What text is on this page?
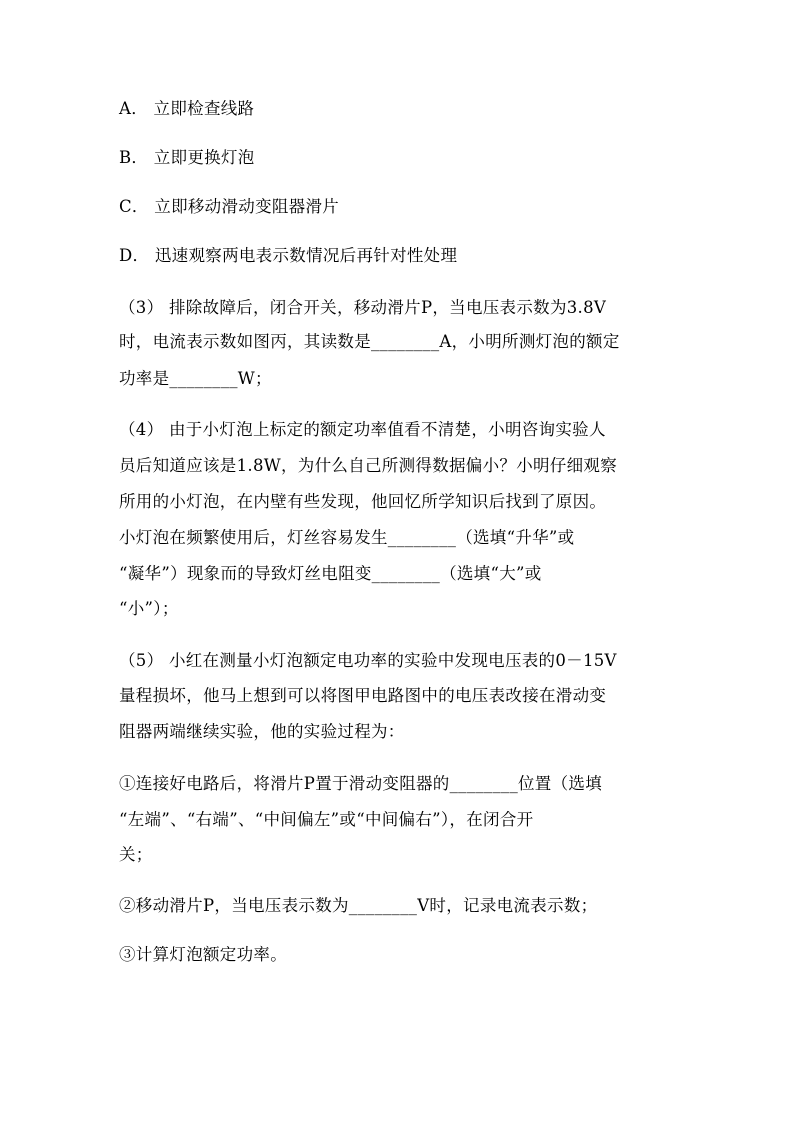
A． 立即检查线路
B． 立即更换灯泡
C． 立即移动滑动变阻器滑片
D． 迅速观察两电表示数情况后再针对性处理
（3） 排除故障后，闭合开关，移动滑片P，当电压表示数为3.8V
时，电流表示数如图丙，其读数是________A，小明所测灯泡的额定
功率是________W；
（4） 由于小灯泡上标定的额定功率值看不清楚，小明咨询实验人
员后知道应该是1.8W，为什么自己所测得数据偏小？小明仔细观察
所用的小灯泡，在内壁有些发现，他回忆所学知识后找到了原因。
小灯泡在频繁使用后，灯丝容易发生________（选填“升华”或
“凝华”）现象而的导致灯丝电阻变________（选填“大”或
“小”）；
（5） 小红在测量小灯泡额定电功率的实验中发现电压表的0－15V
量程损坏，他马上想到可以将图甲电路图中的电压表改接在滑动变
阻器两端继续实验，他的实验过程为：
①连接好电路后，将滑片P置于滑动变阻器的________位置（选填
“左端”、“右端”、“中间偏左”或“中间偏右”），在闭合开
关；
②移动滑片P，当电压表示数为________V时，记录电流表示数；
③计算灯泡额定功率。
